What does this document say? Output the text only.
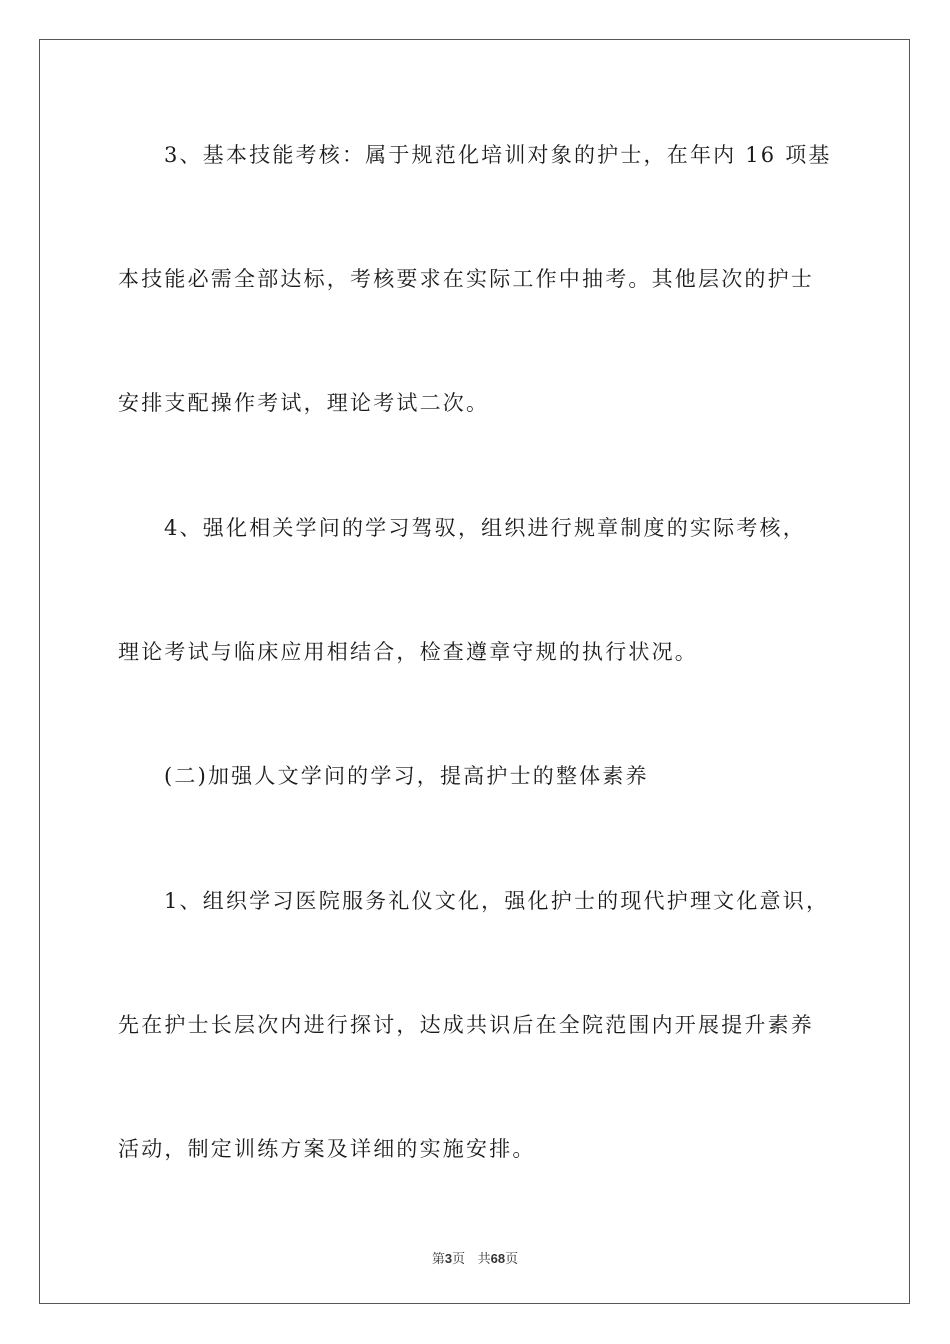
3、基本技能考核：属于规范化培训对象的护士，在年内 16 项基
本技能必需全部达标，考核要求在实际工作中抽考。其他层次的护士
安排支配操作考试，理论考试二次。
4、强化相关学问的学习驾驭，组织进行规章制度的实际考核，
理论考试与临床应用相结合，检查遵章守规的执行状况。
(二)加强人文学问的学习，提高护士的整体素养
1、组织学习医院服务礼仪文化，强化护士的现代护理文化意识，
先在护士长层次内进行探讨，达成共识后在全院范围内开展提升素养
活动，制定训练方案及详细的实施安排。
第3页 共68页
